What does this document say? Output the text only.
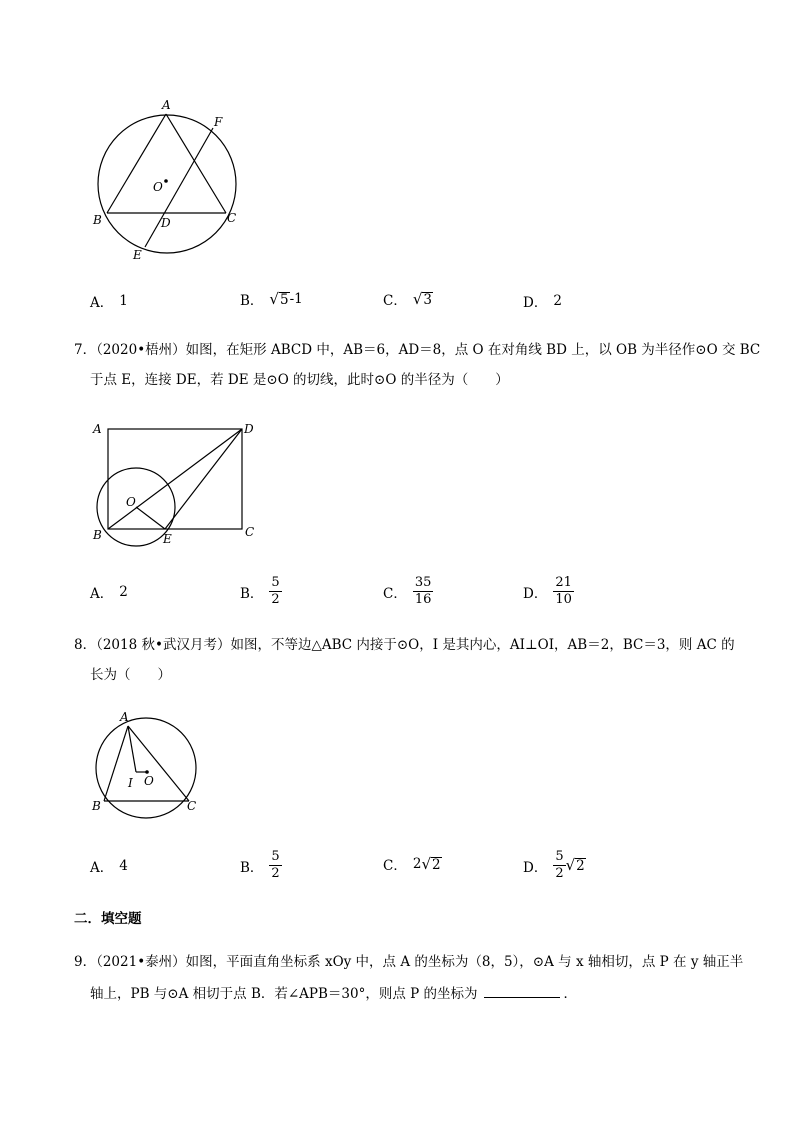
A
F
O
B	D	C
E
A． 1	B． √ 5 -1	C． √ 3	D． 2
7．（2020•梧州）如图，在矩形 ABCD 中，AB＝6，AD＝8，点 O 在对角线 BD 上，以 OB 为半径作⊙O 交 BC
于点 E，连接 DE，若 DE 是⊙O 的切线，此时⊙O 的半径为（　　）
A	D
O
B	E	C
A． 2	B． $\frac{5}{2}$	C． $\frac{35}{16}$	D． $\frac{21}{10}$
8．（2018 秋•武汉月考）如图，不等边△ABC 内接于⊙O，I 是其内心，AI⊥OI，AB＝2，BC＝3，则 AC 的
长为（　　）
A
I O
B	C
A． 4	B． $\frac{5}{2}$	C． 2 √ 2	D． $\frac{5}{2}$ √ 2
二．填空题
9．（2021•泰州）如图，平面直角坐标系 xOy 中，点 A 的坐标为（8，5），⊙A 与 x 轴相切，点 P 在 y 轴正半
轴上，PB 与⊙A 相切于点 B．若∠APB＝30°，则点 P 的坐标为	．
